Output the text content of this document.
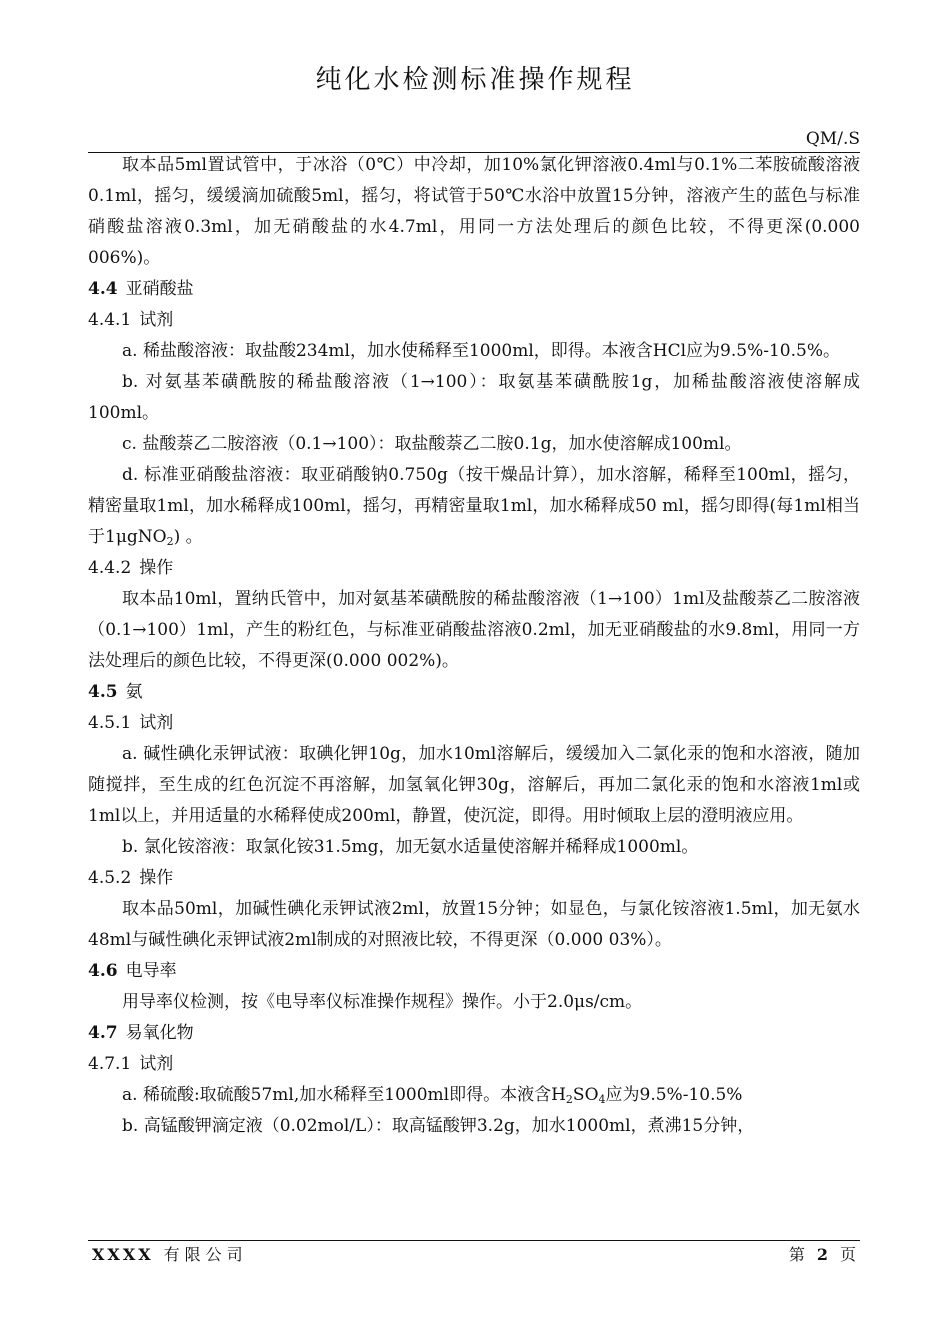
纯化水检测标准操作规程
QM/.S

取本品5ml置试管中，于冰浴（0℃）中冷却，加10%氯化钾溶液0.4ml与0.1%二苯胺硫酸溶液0.1ml，摇匀，缓缓滴加硫酸5ml，摇匀，将试管于50℃水浴中放置15分钟，溶液产生的蓝色与标准硝酸盐溶液0.3ml，加无硝酸盐的水4.7ml，用同一方法处理后的颜色比较，不得更深(0.000 006%)。

4.4 亚硝酸盐

4.4.1 试剂

a. 稀盐酸溶液：取盐酸234ml，加水使稀释至1000ml，即得。本液含HCl应为9.5%-10.5%。

b. 对氨基苯磺酰胺的稀盐酸溶液（1→100）：取氨基苯磺酰胺1g，加稀盐酸溶液使溶解成100ml。

c. 盐酸萘乙二胺溶液（0.1→100）：取盐酸萘乙二胺0.1g，加水使溶解成100ml。

d. 标准亚硝酸盐溶液：取亚硝酸钠0.750g（按干燥品计算），加水溶解，稀释至100ml，摇匀，精密量取1ml，加水稀释成100ml，摇匀，再精密量取1ml，加水稀释成50 ml，摇匀即得(每1ml相当于1μgNO$_2$) 。

4.4.2 操作

取本品10ml，置纳氏管中，加对氨基苯磺酰胺的稀盐酸溶液（1→100）1ml及盐酸萘乙二胺溶液（0.1→100）1ml，产生的粉红色，与标准亚硝酸盐溶液0.2ml，加无亚硝酸盐的水9.8ml，用同一方法处理后的颜色比较，不得更深(0.000 002%)。

4.5 氨

4.5.1 试剂

a. 碱性碘化汞钾试液：取碘化钾10g，加水10ml溶解后，缓缓加入二氯化汞的饱和水溶液，随加随搅拌，至生成的红色沉淀不再溶解，加氢氧化钾30g，溶解后，再加二氯化汞的饱和水溶液1ml或1ml以上，并用适量的水稀释使成200ml，静置，使沉淀，即得。用时倾取上层的澄明液应用。

b. 氯化铵溶液：取氯化铵31.5mg，加无氨水适量使溶解并稀释成1000ml。

4.5.2 操作

取本品50ml，加碱性碘化汞钾试液2ml，放置15分钟；如显色，与氯化铵溶液1.5ml，加无氨水48ml与碱性碘化汞钾试液2ml制成的对照液比较，不得更深（0.000 03%）。

4.6 电导率

用导率仪检测，按《电导率仪标准操作规程》操作。小于2.0μs/cm。

4.7 易氧化物

4.7.1 试剂

a. 稀硫酸:取硫酸57ml,加水稀释至1000ml即得。本液含$H_2SO_4$应为9.5%-10.5%

b. 高锰酸钾滴定液（0.02mol/L）：取高锰酸钾3.2g，加水1000ml，煮沸15分钟，

XXXX 有限公司	第 2 页
